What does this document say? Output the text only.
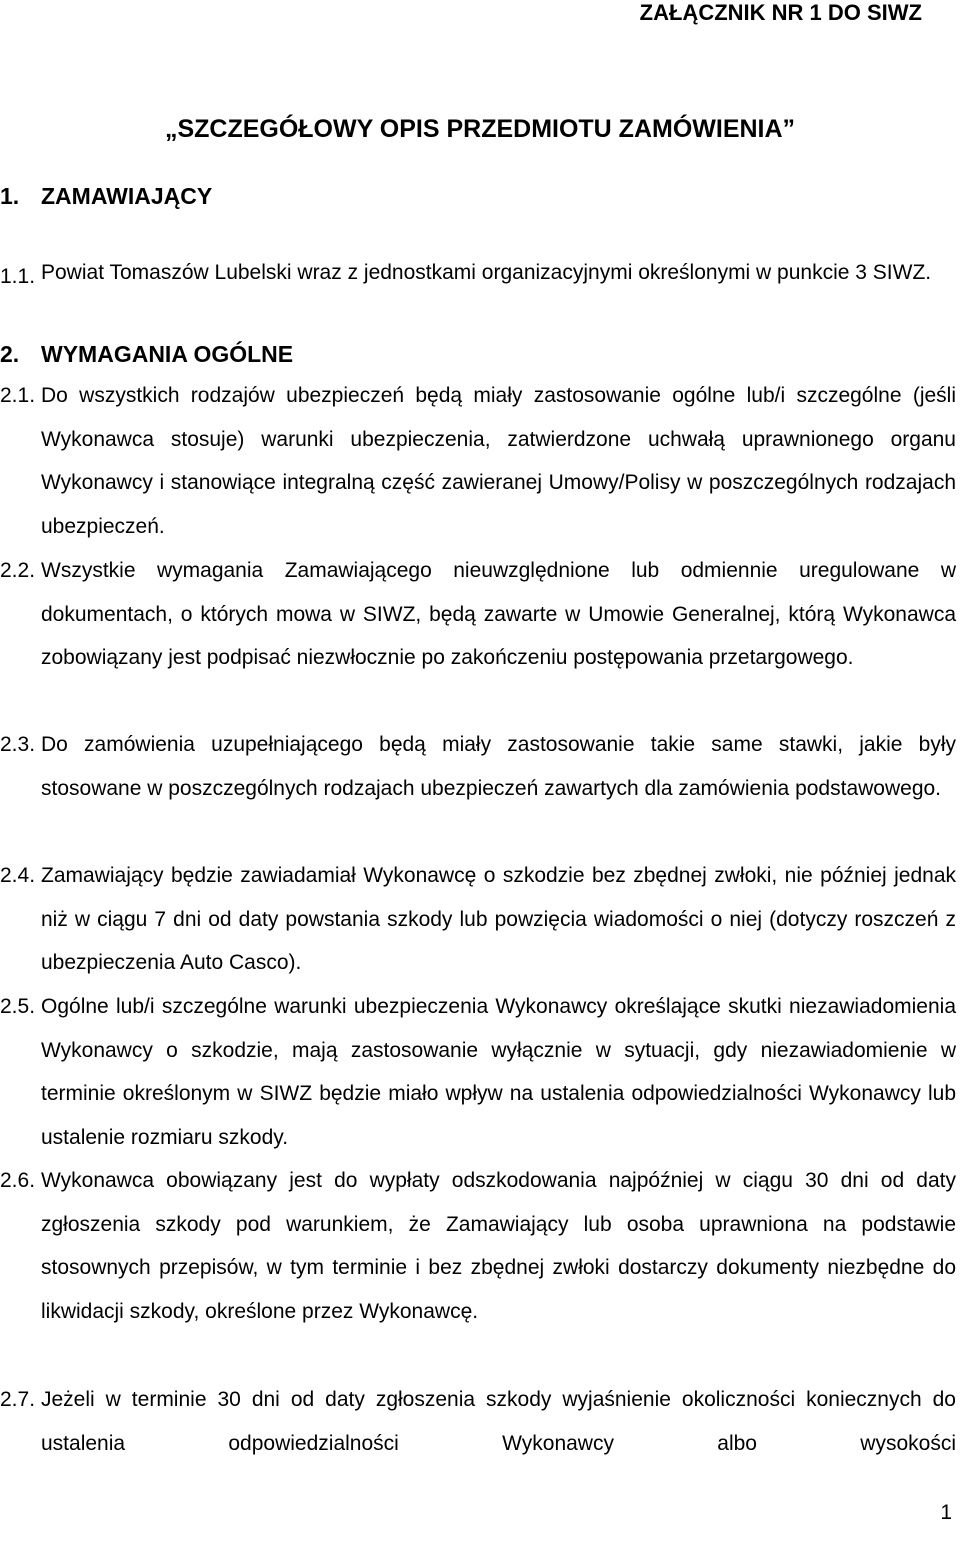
ZAŁĄCZNIK NR 1 DO SIWZ
„SZCZEGÓŁOWY OPIS PRZEDMIOTU ZAMÓWIENIA”
1. ZAMAWIAJĄCY
1.1. Powiat Tomaszów Lubelski wraz z jednostkami organizacyjnymi określonymi w punkcie 3 SIWZ.
2. WYMAGANIA OGÓLNE
2.1. Do wszystkich rodzajów ubezpieczeń będą miały zastosowanie ogólne lub/i szczególne (jeśli Wykonawca stosuje) warunki ubezpieczenia, zatwierdzone uchwałą uprawnionego organu Wykonawcy i stanowiące integralną część zawieranej Umowy/Polisy w poszczególnych rodzajach ubezpieczeń.
2.2. Wszystkie wymagania Zamawiającego nieuwzględnione lub odmiennie uregulowane w dokumentach, o których mowa w SIWZ, będą zawarte w Umowie Generalnej, którą Wykonawca zobowiązany jest podpisać niezwłocznie po zakończeniu postępowania przetargowego.
2.3. Do zamówienia uzupełniającego będą miały zastosowanie takie same stawki, jakie były stosowane w poszczególnych rodzajach ubezpieczeń zawartych dla zamówienia podstawowego.
2.4. Zamawiający będzie zawiadamiał Wykonawcę o szkodzie bez zbędnej zwłoki, nie później jednak niż w ciągu 7 dni od daty powstania szkody lub powzięcia wiadomości o niej (dotyczy roszczeń z ubezpieczenia Auto Casco).
2.5. Ogólne lub/i szczególne warunki ubezpieczenia Wykonawcy określające skutki niezawiadomienia Wykonawcy o szkodzie, mają zastosowanie wyłącznie w sytuacji, gdy niezawiadomienie w terminie określonym w SIWZ będzie miało wpływ na ustalenia odpowiedzialności Wykonawcy lub ustalenie rozmiaru szkody.
2.6. Wykonawca obowiązany jest do wypłaty odszkodowania najpóźniej w ciągu 30 dni od daty zgłoszenia szkody pod warunkiem, że Zamawiający lub osoba uprawniona na podstawie stosownych przepisów, w tym terminie i bez zbędnej zwłoki dostarczy dokumenty niezbędne do likwidacji szkody, określone przez Wykonawcę.
2.7. Jeżeli w terminie 30 dni od daty zgłoszenia szkody wyjaśnienie okoliczności koniecznych do ustalenia odpowiedzialności Wykonawcy albo wysokości
1
